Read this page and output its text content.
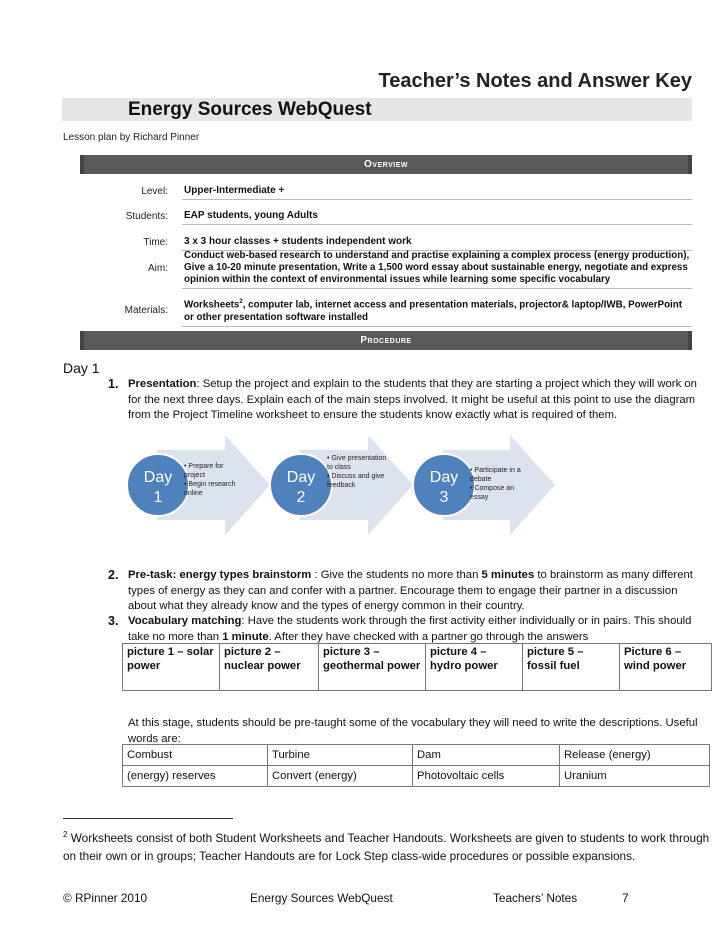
Teacher’s Notes and Answer Key
Energy Sources WebQuest
Lesson plan by Richard Pinner
Overview
Level:	Upper-Intermediate +
Students:	EAP students, young Adults
Time:	3 x 3 hour classes + students independent work
Aim:
Conduct web-based research to understand and practise explaining a complex process (energy production), Give a 10-20 minute presentation, Write a 1,500 word essay about sustainable energy, negotiate and express opinion within the context of environmental issues while learning some specific vocabulary
Materials:
Worksheets$^2$, computer lab, internet access and presentation materials, projector& laptop/IWB, PowerPoint or other presentation software installed
Procedure
Day 1
1. Presentation: Setup the project and explain to the students that they are starting a project which they will work on for the next three days. Explain each of the main steps involved. It might be useful at this point to use the diagram from the Project Timeline worksheet to ensure the students know exactly what is required of them.
Day
1
Day
2
Day
3
• Prepare for project
• Begin research online
• Give presentation to class
• Discuss and give feedback
• Participate in a debate
• Compose an essay
2. Pre-task: energy types brainstorm : Give the students no more than 5 minutes to brainstorm as many different types of energy as they can and confer with a partner. Encourage them to engage their partner in a discussion about what they already know and the types of energy common in their country.
3. Vocabulary matching: Have the students work through the first activity either individually or in pairs. This should take no more than 1 minute. After they have checked with a partner go through the answers
picture 1 – solar power	picture 2 – nuclear power	picture 3 – geothermal power	picture 4 – hydro power	picture 5 – fossil fuel	Picture 6 – wind power
At this stage, students should be pre-taught some of the vocabulary they will need to write the descriptions. Useful words are:
Combust	Turbine	Dam	Release (energy)
(energy) reserves	Convert (energy)	Photovoltaic cells	Uranium
$^2$ Worksheets consist of both Student Worksheets and Teacher Handouts. Worksheets are given to students to work through on their own or in groups; Teacher Handouts are for Lock Step class-wide procedures or possible expansions.
© RPinner 2010	Energy Sources WebQuest	Teachers’ Notes	7
